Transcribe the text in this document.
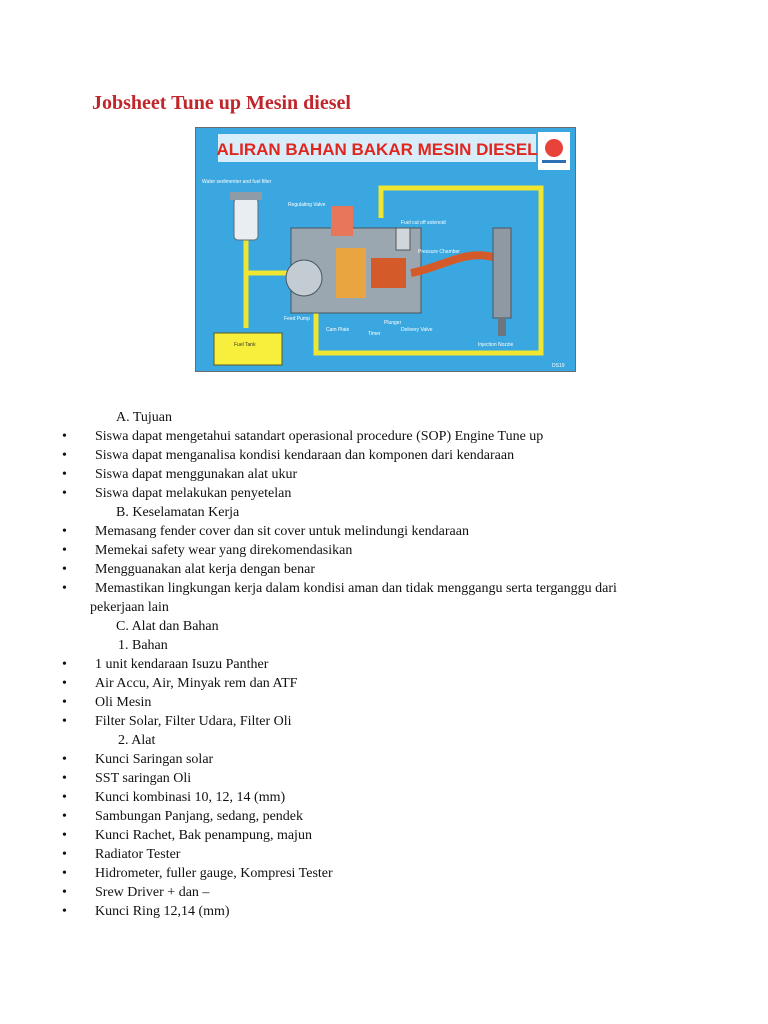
Jobsheet Tune up Mesin diesel
ALIRAN BAHAN BAKAR MESIN DIESEL
Water sedimenter and fuel filter
Fuel Tank
Regulating Valve
Fuel cut off solenoid
Pressure Chamber
Feed Pump
Cam Plate
Timer
Plunger
Delivery Valve
Injection Nozzle
DS19
A. Tujuan
• Siswa dapat mengetahui satandart operasional procedure (SOP) Engine Tune up
• Siswa dapat menganalisa kondisi kendaraan dan komponen dari kendaraan
• Siswa dapat menggunakan alat ukur
• Siswa dapat melakukan penyetelan
B. Keselamatan Kerja
• Memasang fender cover dan sit cover untuk melindungi kendaraan
• Memekai safety wear yang direkomendasikan
• Mengguanakan alat kerja dengan benar
• Memastikan lingkungan kerja dalam kondisi aman dan tidak menggangu serta terganggu dari
pekerjaan lain
C. Alat dan Bahan
1. Bahan
• 1 unit kendaraan Isuzu Panther
• Air Accu, Air, Minyak rem dan ATF
• Oli Mesin
• Filter Solar, Filter Udara, Filter Oli
2. Alat
• Kunci Saringan solar
• SST saringan Oli
• Kunci kombinasi 10, 12, 14 (mm)
• Sambungan Panjang, sedang, pendek
• Kunci Rachet, Bak penampung, majun
• Radiator Tester
• Hidrometer, fuller gauge, Kompresi Tester
• Srew Driver + dan –
• Kunci Ring 12,14 (mm)
